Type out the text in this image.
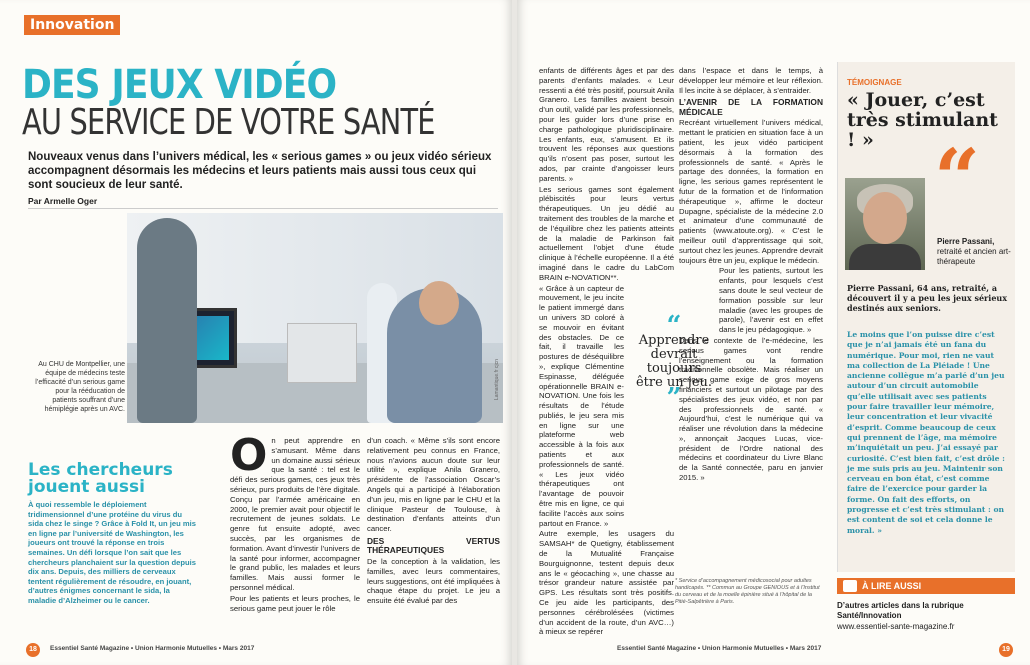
Innovation
DES JEUX VIDÉO
AU SERVICE DE VOTRE SANTÉ
Nouveaux venus dans l’univers médical, les « serious games » ou jeux vidéo sérieux accompagnent désormais les médecins et leurs patients mais aussi tous ceux qui sont soucieux de leur santé.
Par Armelle Oger
Lamantique.fr cjcn
Au CHU de Montpellier, une équipe de médecins teste l’efficacité d’un serious game pour la rééducation de patients souffrant d’une hémiplégie après un AVC.
Les chercheurs jouent aussi
À quoi ressemble le déploiement tridimensionnel d’une protéine du virus du sida chez le singe ? Grâce à Fold It, un jeu mis en ligne par l’université de Washington, les joueurs ont trouvé la réponse en trois semaines. Un défi lorsque l’on sait que les chercheurs planchaient sur la question depuis dix ans. Depuis, des milliers de cerveaux tentent régulièrement de résoudre, en jouant, d’autres énigmes concernant le sida, la maladie d’Alzheimer ou le cancer.
O n peut apprendre en s’amusant. Même dans un domaine aussi sérieux que la santé : tel est le défi des serious games, ces jeux très sérieux, purs produits de l’ère digitale. Conçu par l’armée américaine en 2000, le premier avait pour objectif le recrutement de jeunes soldats. Le genre fut ensuite adopté, avec succès, par les organismes de formation. Avant d’investir l’univers de la santé pour informer, accompagner le grand public, les malades et leurs familles. Mais aussi former le personnel médical.

Pour les patients et leurs proches, le serious game peut jouer le rôle

d’un coach. « Même s’ils sont encore relativement peu connus en France, nous n’avions aucun doute sur leur utilité », explique Anila Granero, présidente de l’association Oscar’s Angels qui a participé à l’élaboration d’un jeu, mis en ligne par le CHU et la clinique Pasteur de Toulouse, à destination d’enfants atteints d’un cancer.

DES VERTUS THÉRAPEUTIQUES

De la conception à la validation, les familles, avec leurs commentaires, leurs suggestions, ont été impliquées à chaque étape du projet. Le jeu a ensuite été évalué par des

18	Essentiel Santé Magazine • Union Harmonie Mutuelles • Mars 2017

enfants de différents âges et par des parents d’enfants malades. « Leur ressenti a été très positif, poursuit Anila Granero. Les familles avaient besoin d’un outil, validé par les professionnels, pour les guider lors d’une prise en charge pathologique pluridisciplinaire. Les enfants, eux, s’amusent. Et ils trouvent les réponses aux questions qu’ils n’osent pas poser, surtout les ados, par crainte d’angoisser leurs parents. »

Les serious games sont également plébiscités pour leurs vertus thérapeutiques. Un jeu dédié au traitement des troubles de la marche et de l’équilibre chez les patients atteints de la maladie de Parkinson fait actuellement l’objet d’une étude clinique à l’échelle européenne. Il a été imaginé dans le cadre du LabCom BRAIN e-NOVATION**.

« Grâce à un capteur de mouvement, le jeu incite le patient immergé dans un univers 3D coloré à se mouvoir en évitant des obstacles. De ce fait, il travaille les postures de déséquilibre », explique Clémentine Espinasse, déléguée opérationnelle BRAIN e-NOVATION. Une fois les résultats de l’étude publiés, le jeu sera mis en ligne sur une plateforme web accessible à la fois aux patients et aux professionnels de santé. « Les jeux vidéo thérapeutiques ont l’avantage de pouvoir être mis en ligne, ce qui facilite l’accès aux soins partout en France. »

Autre exemple, les usagers du SAMSAH* de Quetigny, établissement de la Mutualité Française Bourguignonne, testent depuis deux ans le « géocaching », une chasse au trésor grandeur nature assistée par GPS. Les résultats sont très positifs. Ce jeu aide les participants, des personnes cérébrolésées (victimes d’un accident de la route, d’un AVC…) à mieux se repérer

“
Apprendre devrait toujours être un jeu.
”

dans l’espace et dans le temps, à développer leur mémoire et leur réflexion. Il les incite à se déplacer, à s’entraider.

L’AVENIR DE LA FORMATION MÉDICALE

Recréant virtuellement l’univers médical, mettant le praticien en situation face à un patient, les jeux vidéo participent désormais à la formation des professionnels de santé. « Après le partage des données, la formation en ligne, les serious games représentent le futur de la formation et de l’information thérapeutique », affirme le docteur Dupagne, spécialiste de la médecine 2.0 et animateur d’une communauté de patients (www.atoute.org). « C’est le meilleur outil d’apprentissage qui soit, surtout chez les jeunes. Apprendre devrait toujours être un jeu, explique le médecin.

Pour les patients, surtout les enfants, pour lesquels c’est sans doute le seul vecteur de formation possible sur leur maladie (avec les groupes de parole), l’avenir est en effet dans le jeu pédagogique. »

Dans le contexte de l’e-médecine, les serious games vont rendre l’enseignement ou la formation traditionnelle obsolète. Mais réaliser un serious game exige de gros moyens financiers et surtout un pilotage par des spécialistes des jeux vidéo, et non par des professionnels de santé. « Aujourd’hui, c’est le numérique qui va réaliser une révolution dans la médecine », annonçait Jacques Lucas, vice-président de l’Ordre national des médecins et coordinateur du Livre Blanc de la Santé connectée, paru en janvier 2015. »

* Service d’accompagnement médicosocial pour adultes handicapés. ** Commun au Groupe GENIOUS et à l’Institut du cerveau et de la moelle épinière situé à l’hôpital de la Pitié-Salpêtrière à Paris.
TÉMOIGNAGE
« Jouer, c’est très stimulant ! » “
Pierre Passani,
retraité et ancien art-thérapeute
Pierre Passani, 64 ans, retraité, a découvert il y a peu les jeux sérieux destinés aux seniors.
Le moins que l’on puisse dire c’est que je n’ai jamais été un fana du numérique. Pour moi, rien ne vaut ma collection de La Pléiade ! Une ancienne collègue m’a parlé d’un jeu autour d’un circuit automobile qu’elle utilisait avec ses patients pour faire travailler leur mémoire, leur concentration et leur vivacité d’esprit. Comme beaucoup de ceux qui prennent de l’âge, ma mémoire m’inquiétait un peu. J’ai essayé par curiosité. C’est bien fait, c’est drôle : je me suis pris au jeu. Maintenir son cerveau en bon état, c’est comme faire de l’exercice pour garder la forme. On fait des efforts, on progresse et c’est très stimulant : on est content de soi et cela donne le moral. »
À LIRE AUSSI
D’autres articles dans la rubrique Santé/Innovation
www.essentiel-sante-magazine.fr
Essentiel Santé Magazine • Union Harmonie Mutuelles • Mars 2017	19
